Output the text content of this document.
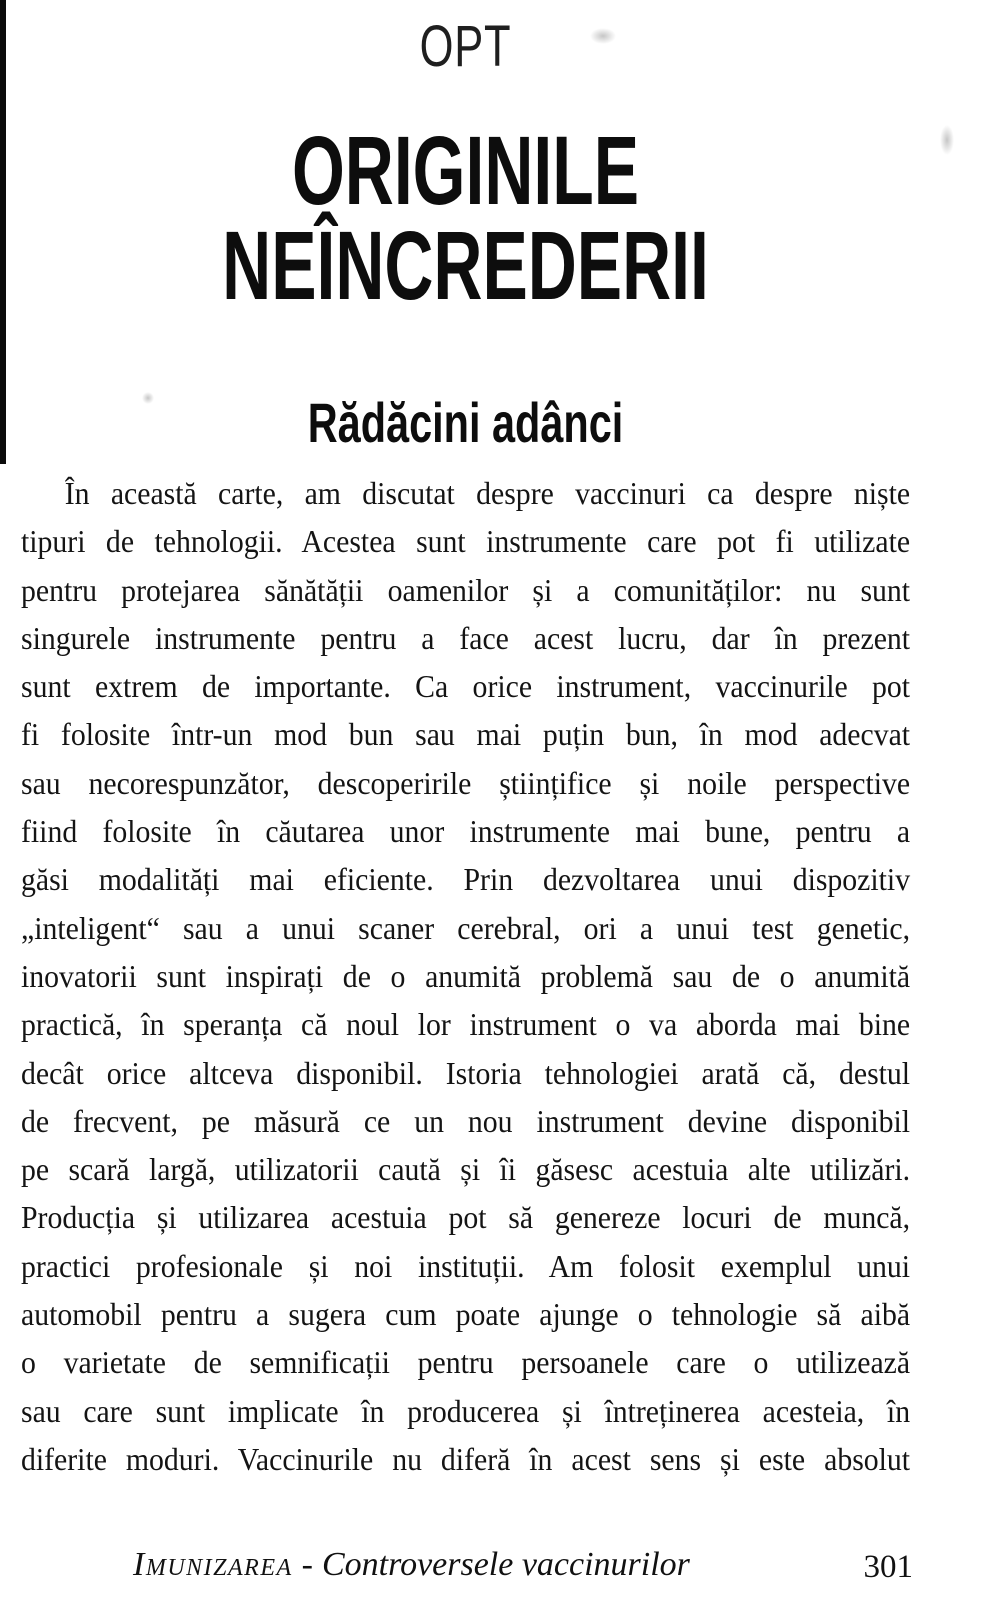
OPT
ORIGINILE
NEÎNCREDERII
Rădăcini adânci
În această carte, am discutat despre vaccinuri ca despre niște
tipuri de tehnologii. Acestea sunt instrumente care pot fi utilizate
pentru protejarea sănătății oamenilor și a comunităților: nu sunt
singurele instrumente pentru a face acest lucru, dar în prezent
sunt extrem de importante. Ca orice instrument, vaccinurile pot
fi folosite într-un mod bun sau mai puțin bun, în mod adecvat
sau necorespunzător, descoperirile științifice și noile perspective
fiind folosite în căutarea unor instrumente mai bune, pentru a
găsi modalități mai eficiente. Prin dezvoltarea unui dispozitiv
„inteligent“ sau a unui scaner cerebral, ori a unui test genetic,
inovatorii sunt inspirați de o anumită problemă sau de o anumită
practică, în speranța că noul lor instrument o va aborda mai bine
decât orice altceva disponibil. Istoria tehnologiei arată că, destul
de frecvent, pe măsură ce un nou instrument devine disponibil
pe scară largă, utilizatorii caută și îi găsesc acestuia alte utilizări.
Producția și utilizarea acestuia pot să genereze locuri de muncă,
practici profesionale și noi instituții. Am folosit exemplul unui
automobil pentru a sugera cum poate ajunge o tehnologie să aibă
o varietate de semnificații pentru persoanele care o utilizează
sau care sunt implicate în producerea și întreținerea acesteia, în
diferite moduri. Vaccinurile nu diferă în acest sens și este absolut
Imunizarea - Controversele vaccinurilor	301
